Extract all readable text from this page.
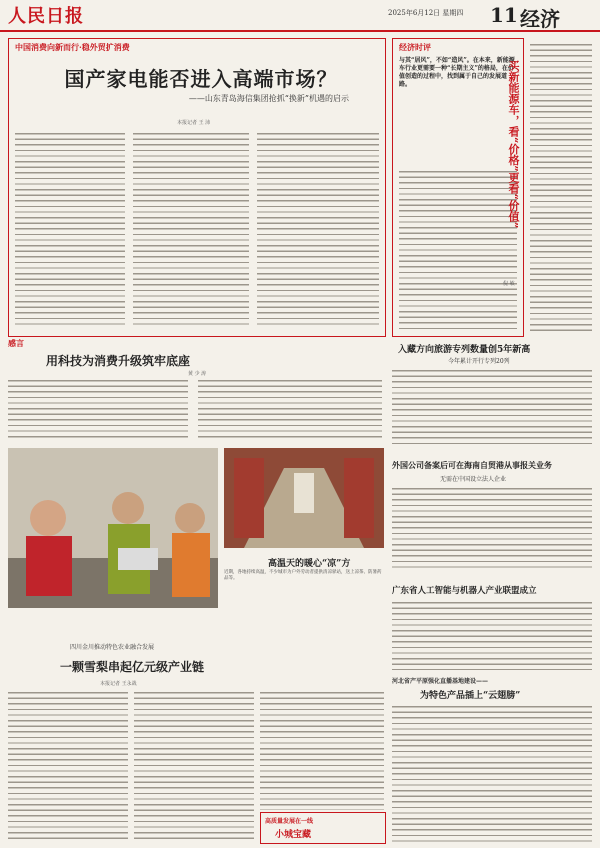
人民日报	2025年6月12日 星期四 11 经济
中国消费向新而行·稳外贸扩消费
国产家电能否进入高端市场？
——山东青岛海信集团抢抓“换新”机遇的启示
本报记者 王 沛
经济时评
与其“居风”，不如“造风”。在本来，新能源车行业更需要一种“长期主义”的格局，在价值创造的过程中，找到属于自己的发展道路。	买新能源车，看“价格”更看“价值”
倪 敏
感言
用科技为消费升级筑牢底座
黄 少 涛
高温天的暖心“凉”方
近期，各地持续高温，不少城市为户外劳动者提供清凉驿站，送上凉茶、防暑药品等。
入藏方向旅游专列数量创5年新高
今年累计开行专列20列
外国公司备案后可在海南自贸港从事报关业务
无需在中国设立法人企业
广东省人工智能与机器人产业联盟成立
河北省产平原强化直播基地建设——
为特色产品插上“云翅膀”
四川金川推动特色农业融合发展
一颗雪梨串起亿元级产业链
本报记者 王永战
高质量发展在一线
小城宝藏
